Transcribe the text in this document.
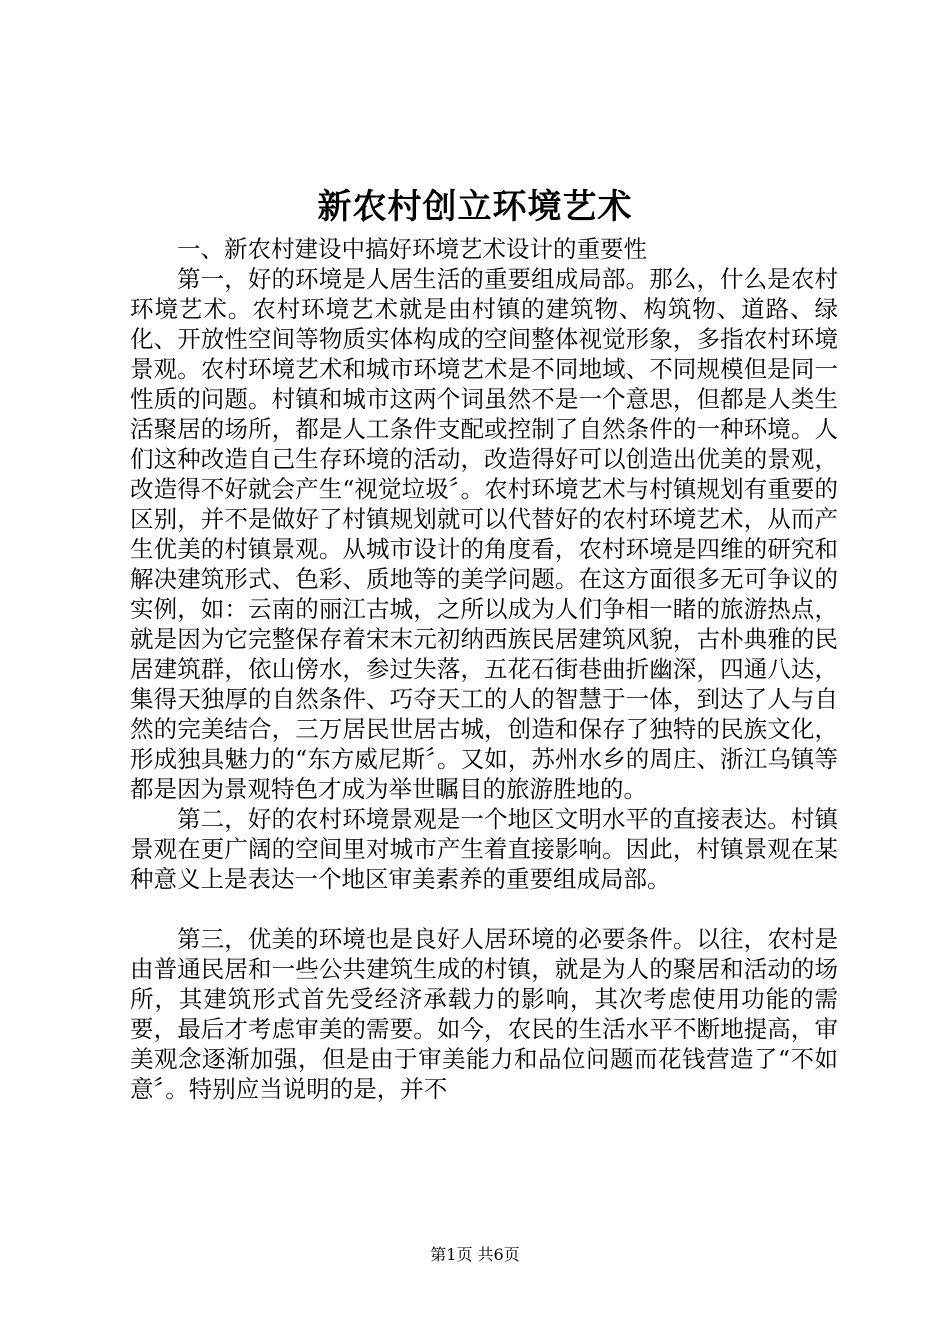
新农村创立环境艺术

一、新农村建设中搞好环境艺术设计的重要性

第一，好的环境是人居生活的重要组成局部。那么，什么是农村环境艺术。农村环境艺术就是由村镇的建筑物、构筑物、道路、绿化、开放性空间等物质实体构成的空间整体视觉形象，多指农村环境景观。农村环境艺术和城市环境艺术是不同地域、不同规模但是同一性质的问题。村镇和城市这两个词虽然不是一个意思，但都是人类生活聚居的场所，都是人工条件支配或控制了自然条件的一种环境。人们这种改造自己生存环境的活动，改造得好可以创造出优美的景观，改造得不好就会产生“视觉垃圾〞。农村环境艺术与村镇规划有重要的区别，并不是做好了村镇规划就可以代替好的农村环境艺术，从而产生优美的村镇景观。从城市设计的角度看，农村环境是四维的研究和解决建筑形式、色彩、质地等的美学问题。在这方面很多无可争议的实例，如：云南的丽江古城，之所以成为人们争相一睹的旅游热点，就是因为它完整保存着宋末元初纳西族民居建筑风貌，古朴典雅的民居建筑群，依山傍水，参过失落，五花石街巷曲折幽深，四通八达，集得天独厚的自然条件、巧夺天工的人的智慧于一体，到达了人与自然的完美结合，三万居民世居古城，创造和保存了独特的民族文化，形成独具魅力的“东方威尼斯〞。又如，苏州水乡的周庄、浙江乌镇等都是因为景观特色才成为举世瞩目的旅游胜地的。

第二，好的农村环境景观是一个地区文明水平的直接表达。村镇景观在更广阔的空间里对城市产生着直接影响。因此，村镇景观在某种意义上是表达一个地区审美素养的重要组成局部。

第三，优美的环境也是良好人居环境的必要条件。以往，农村是由普通民居和一些公共建筑生成的村镇，就是为人的聚居和活动的场所，其建筑形式首先受经济承载力的影响，其次考虑使用功能的需要，最后才考虑审美的需要。如今，农民的生活水平不断地提高，审美观念逐渐加强，但是由于审美能力和品位问题而花钱营造了“不如意〞。特别应当说明的是，并不

第1页 共6页
